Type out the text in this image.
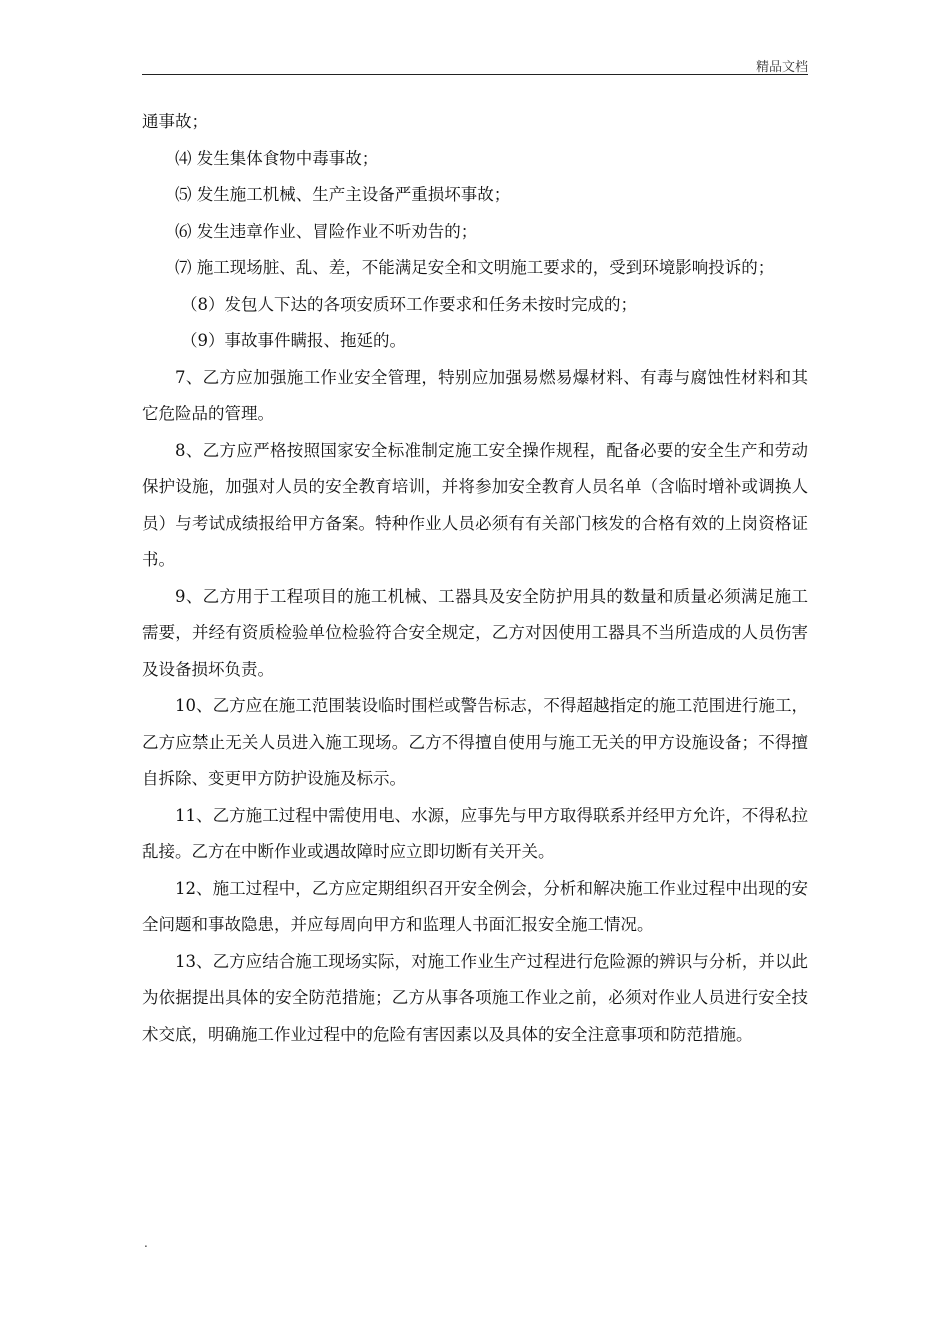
精品文档

通事故；

⑷ 发生集体食物中毒事故；

⑸ 发生施工机械、生产主设备严重损坏事故；

⑹ 发生违章作业、冒险作业不听劝告的；

⑺ 施工现场脏、乱、差，不能满足安全和文明施工要求的，受到环境影响投诉的；

（8）发包人下达的各项安质环工作要求和任务未按时完成的；

（9）事故事件瞒报、拖延的。

7、乙方应加强施工作业安全管理，特别应加强易燃易爆材料、有毒与腐蚀性材料和其它危险品的管理。

8、乙方应严格按照国家安全标准制定施工安全操作规程，配备必要的安全生产和劳动保护设施，加强对人员的安全教育培训，并将参加安全教育人员名单（含临时增补或调换人员）与考试成绩报给甲方备案。特种作业人员必须有有关部门核发的合格有效的上岗资格证书。

9、乙方用于工程项目的施工机械、工器具及安全防护用具的数量和质量必须满足施工需要，并经有资质检验单位检验符合安全规定，乙方对因使用工器具不当所造成的人员伤害及设备损坏负责。

10、乙方应在施工范围装设临时围栏或警告标志，不得超越指定的施工范围进行施工，乙方应禁止无关人员进入施工现场。乙方不得擅自使用与施工无关的甲方设施设备；不得擅自拆除、变更甲方防护设施及标示。

11、乙方施工过程中需使用电、水源，应事先与甲方取得联系并经甲方允许，不得私拉乱接。乙方在中断作业或遇故障时应立即切断有关开关。

12、施工过程中，乙方应定期组织召开安全例会，分析和解决施工作业过程中出现的安全问题和事故隐患，并应每周向甲方和监理人书面汇报安全施工情况。

13、乙方应结合施工现场实际，对施工作业生产过程进行危险源的辨识与分析，并以此为依据提出具体的安全防范措施；乙方从事各项施工作业之前，必须对作业人员进行安全技术交底，明确施工作业过程中的危险有害因素以及具体的安全注意事项和防范措施。

.
